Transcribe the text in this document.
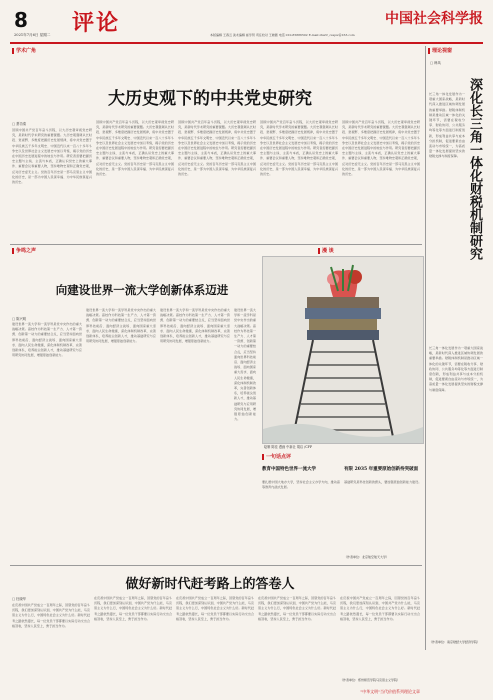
8
2021年7月6日 星期二 评论	中国社会科学报
本版编辑 王春云 美术编辑 崔学贤 责任校对 王晓薇 电话 010-85886502 E-mail zhwlr_csspw@163.com
学术广角
大历史观下的中共党史研究
□ 萧功秦
回顾中国共产党百年奋斗历程，以大历史观审视党史研究，是新时代学术研究的重要课题。大历史观强调从长时段、宽视野、多维度把握历史发展规律，将中共党史置于中华民族五千多年文明史、中国近代以来一百八十多年斗争史以及世界社会主义发展史中加以考察，揭示党的历史在中国历史发展进程中的地位与作用。研究者需要把握历史主题与主线、主流与本质，正确认识党史上的重大事件、重要会议和重要人物，坚持唯物史观和正确党史观，反对历史虚无主义。党的百年历史是一部马克思主义中国化的历史，是一部为中国人民谋幸福、为中华民族谋复兴的历史。
回顾中国共产党百年奋斗历程，以大历史观审视党史研究，是新时代学术研究的重要课题。大历史观强调从长时段、宽视野、多维度把握历史发展规律，将中共党史置于中华民族五千多年文明史、中国近代以来一百八十多年斗争史以及世界社会主义发展史中加以考察，揭示党的历史在中国历史发展进程中的地位与作用。研究者需要把握历史主题与主线、主流与本质，正确认识党史上的重大事件、重要会议和重要人物，坚持唯物史观和正确党史观，反对历史虚无主义。党的百年历史是一部马克思主义中国化的历史，是一部为中国人民谋幸福、为中华民族谋复兴的历史。
回顾中国共产党百年奋斗历程，以大历史观审视党史研究，是新时代学术研究的重要课题。大历史观强调从长时段、宽视野、多维度把握历史发展规律，将中共党史置于中华民族五千多年文明史、中国近代以来一百八十多年斗争史以及世界社会主义发展史中加以考察，揭示党的历史在中国历史发展进程中的地位与作用。研究者需要把握历史主题与主线、主流与本质，正确认识党史上的重大事件、重要会议和重要人物，坚持唯物史观和正确党史观，反对历史虚无主义。党的百年历史是一部马克思主义中国化的历史，是一部为中国人民谋幸福、为中华民族谋复兴的历史。
回顾中国共产党百年奋斗历程，以大历史观审视党史研究，是新时代学术研究的重要课题。大历史观强调从长时段、宽视野、多维度把握历史发展规律，将中共党史置于中华民族五千多年文明史、中国近代以来一百八十多年斗争史以及世界社会主义发展史中加以考察，揭示党的历史在中国历史发展进程中的地位与作用。研究者需要把握历史主题与主线、主流与本质，正确认识党史上的重大事件、重要会议和重要人物，坚持唯物史观和正确党史观，反对历史虚无主义。党的百年历史是一部马克思主义中国化的历史，是一部为中国人民谋幸福、为中华民族谋复兴的历史。
回顾中国共产党百年奋斗历程，以大历史观审视党史研究，是新时代学术研究的重要课题。大历史观强调从长时段、宽视野、多维度把握历史发展规律，将中共党史置于中华民族五千多年文明史、中国近代以来一百八十多年斗争史以及世界社会主义发展史中加以考察，揭示党的历史在中国历史发展进程中的地位与作用。研究者需要把握历史主题与主线、主流与本质，正确认识党史上的重大事件、重要会议和重要人物，坚持唯物史观和正确党史观，反对历史虚无主义。党的百年历史是一部马克思主义中国化的历史，是一部为中国人民谋幸福、为中华民族谋复兴的历史。
理论视窗
□ 韩凤
深化长三角一体化财税机制研究
长三角一体化发展作为一项重大国家战略，是新时代深入推进区域协调发展的重要举措。财税体制机制是推动区域一体化的关键环节，需要在税收分享、财政协同、公共服务均等化等方面进行制度创新，形成利益共享与成本分担机制，促进要素自由流动与市场统一，为高质量一体化发展提供坚实的财税支撑与制度保障。
长三角一体化发展作为一项重大国家战略，是新时代深入推进区域协调发展的重要举措。财税体制机制是推动区域一体化的关键环节，需要在税收分享、财政协同、公共服务均等化等方面进行制度创新，形成利益共享与成本分担机制，促进要素自由流动与市场统一，为高质量一体化发展提供坚实的财税支撑与制度保障。
（作者单位：南京财经大学经济学院）
争鸣之声
向建设世界一流大学创新体系迈进
□ 陈兴明
建设世界一流大学和一流学科是党中央作出的重大战略决策。高校作为科技第一生产力、人才第一资源、创新第一动力的重要结合点，应当坚持面向世界科技前沿、面向经济主战场、面向国家重大需求、面向人民生命健康，深化体制机制改革，完善创新体系，培养拔尖创新人才，推动基础研究与应用研究协同发展，增强原始创新能力。
建设世界一流大学和一流学科是党中央作出的重大战略决策。高校作为科技第一生产力、人才第一资源、创新第一动力的重要结合点，应当坚持面向世界科技前沿、面向经济主战场、面向国家重大需求、面向人民生命健康，深化体制机制改革，完善创新体系，培养拔尖创新人才，推动基础研究与应用研究协同发展，增强原始创新能力。
建设世界一流大学和一流学科是党中央作出的重大战略决策。高校作为科技第一生产力、人才第一资源、创新第一动力的重要结合点，应当坚持面向世界科技前沿、面向经济主战场、面向国家重大需求、面向人民生命健康，深化体制机制改革，完善创新体系，培养拔尖创新人才，推动基础研究与应用研究协同发展，增强原始创新能力。
建设世界一流大学和一流学科是党中央作出的重大战略决策。高校作为科技第一生产力、人才第一资源、创新第一动力的重要结合点，应当坚持面向世界科技前沿、面向经济主战场、面向国家重大需求、面向人民生命健康，深化体制机制改革，完善创新体系，培养拔尖创新人才，推动基础研究与应用研究协同发展，增强原始创新能力。
漫 谈
绘制 陈佳 漫画 中新社 胡启 /CFP
一句话点评
教育中国特色世界一流大学
要扎根中国大地办大学，坚持社会主义办学方向，推动高等教育内涵式发展。
有限 2035 年重要原始创新待突破面
基础研究是科技创新的源头，要加强原始创新能力建设。
（作者单位：北京航空航天大学）
做好新时代赶考路上的答卷人
□ 杜晓华
在庆祝中国共产党成立一百周年之际，回望党的百年奋斗历程，我们更加深刻认识到，中国共产党为什么能，马克思主义为什么行，中国特色社会主义为什么好。新时代赶考之路依然漫长，每一位党员干部都要以实际行动交出合格答卷，坚持人民至上，勇于担当作为。
在庆祝中国共产党成立一百周年之际，回望党的百年奋斗历程，我们更加深刻认识到，中国共产党为什么能，马克思主义为什么行，中国特色社会主义为什么好。新时代赶考之路依然漫长，每一位党员干部都要以实际行动交出合格答卷，坚持人民至上，勇于担当作为。
在庆祝中国共产党成立一百周年之际，回望党的百年奋斗历程，我们更加深刻认识到，中国共产党为什么能，马克思主义为什么行，中国特色社会主义为什么好。新时代赶考之路依然漫长，每一位党员干部都要以实际行动交出合格答卷，坚持人民至上，勇于担当作为。
在庆祝中国共产党成立一百周年之际，回望党的百年奋斗历程，我们更加深刻认识到，中国共产党为什么能，马克思主义为什么行，中国特色社会主义为什么好。新时代赶考之路依然漫长，每一位党员干部都要以实际行动交出合格答卷，坚持人民至上，勇于担当作为。
在庆祝中国共产党成立一百周年之际，回望党的百年奋斗历程，我们更加深刻认识到，中国共产党为什么能，马克思主义为什么行，中国特色社会主义为什么好。新时代赶考之路依然漫长，每一位党员干部都要以实际行动交出合格答卷，坚持人民至上，勇于担当作为。
（作者单位：郑州师范学院马克思主义学院）
"中华文明"当代价值系列理论文章
